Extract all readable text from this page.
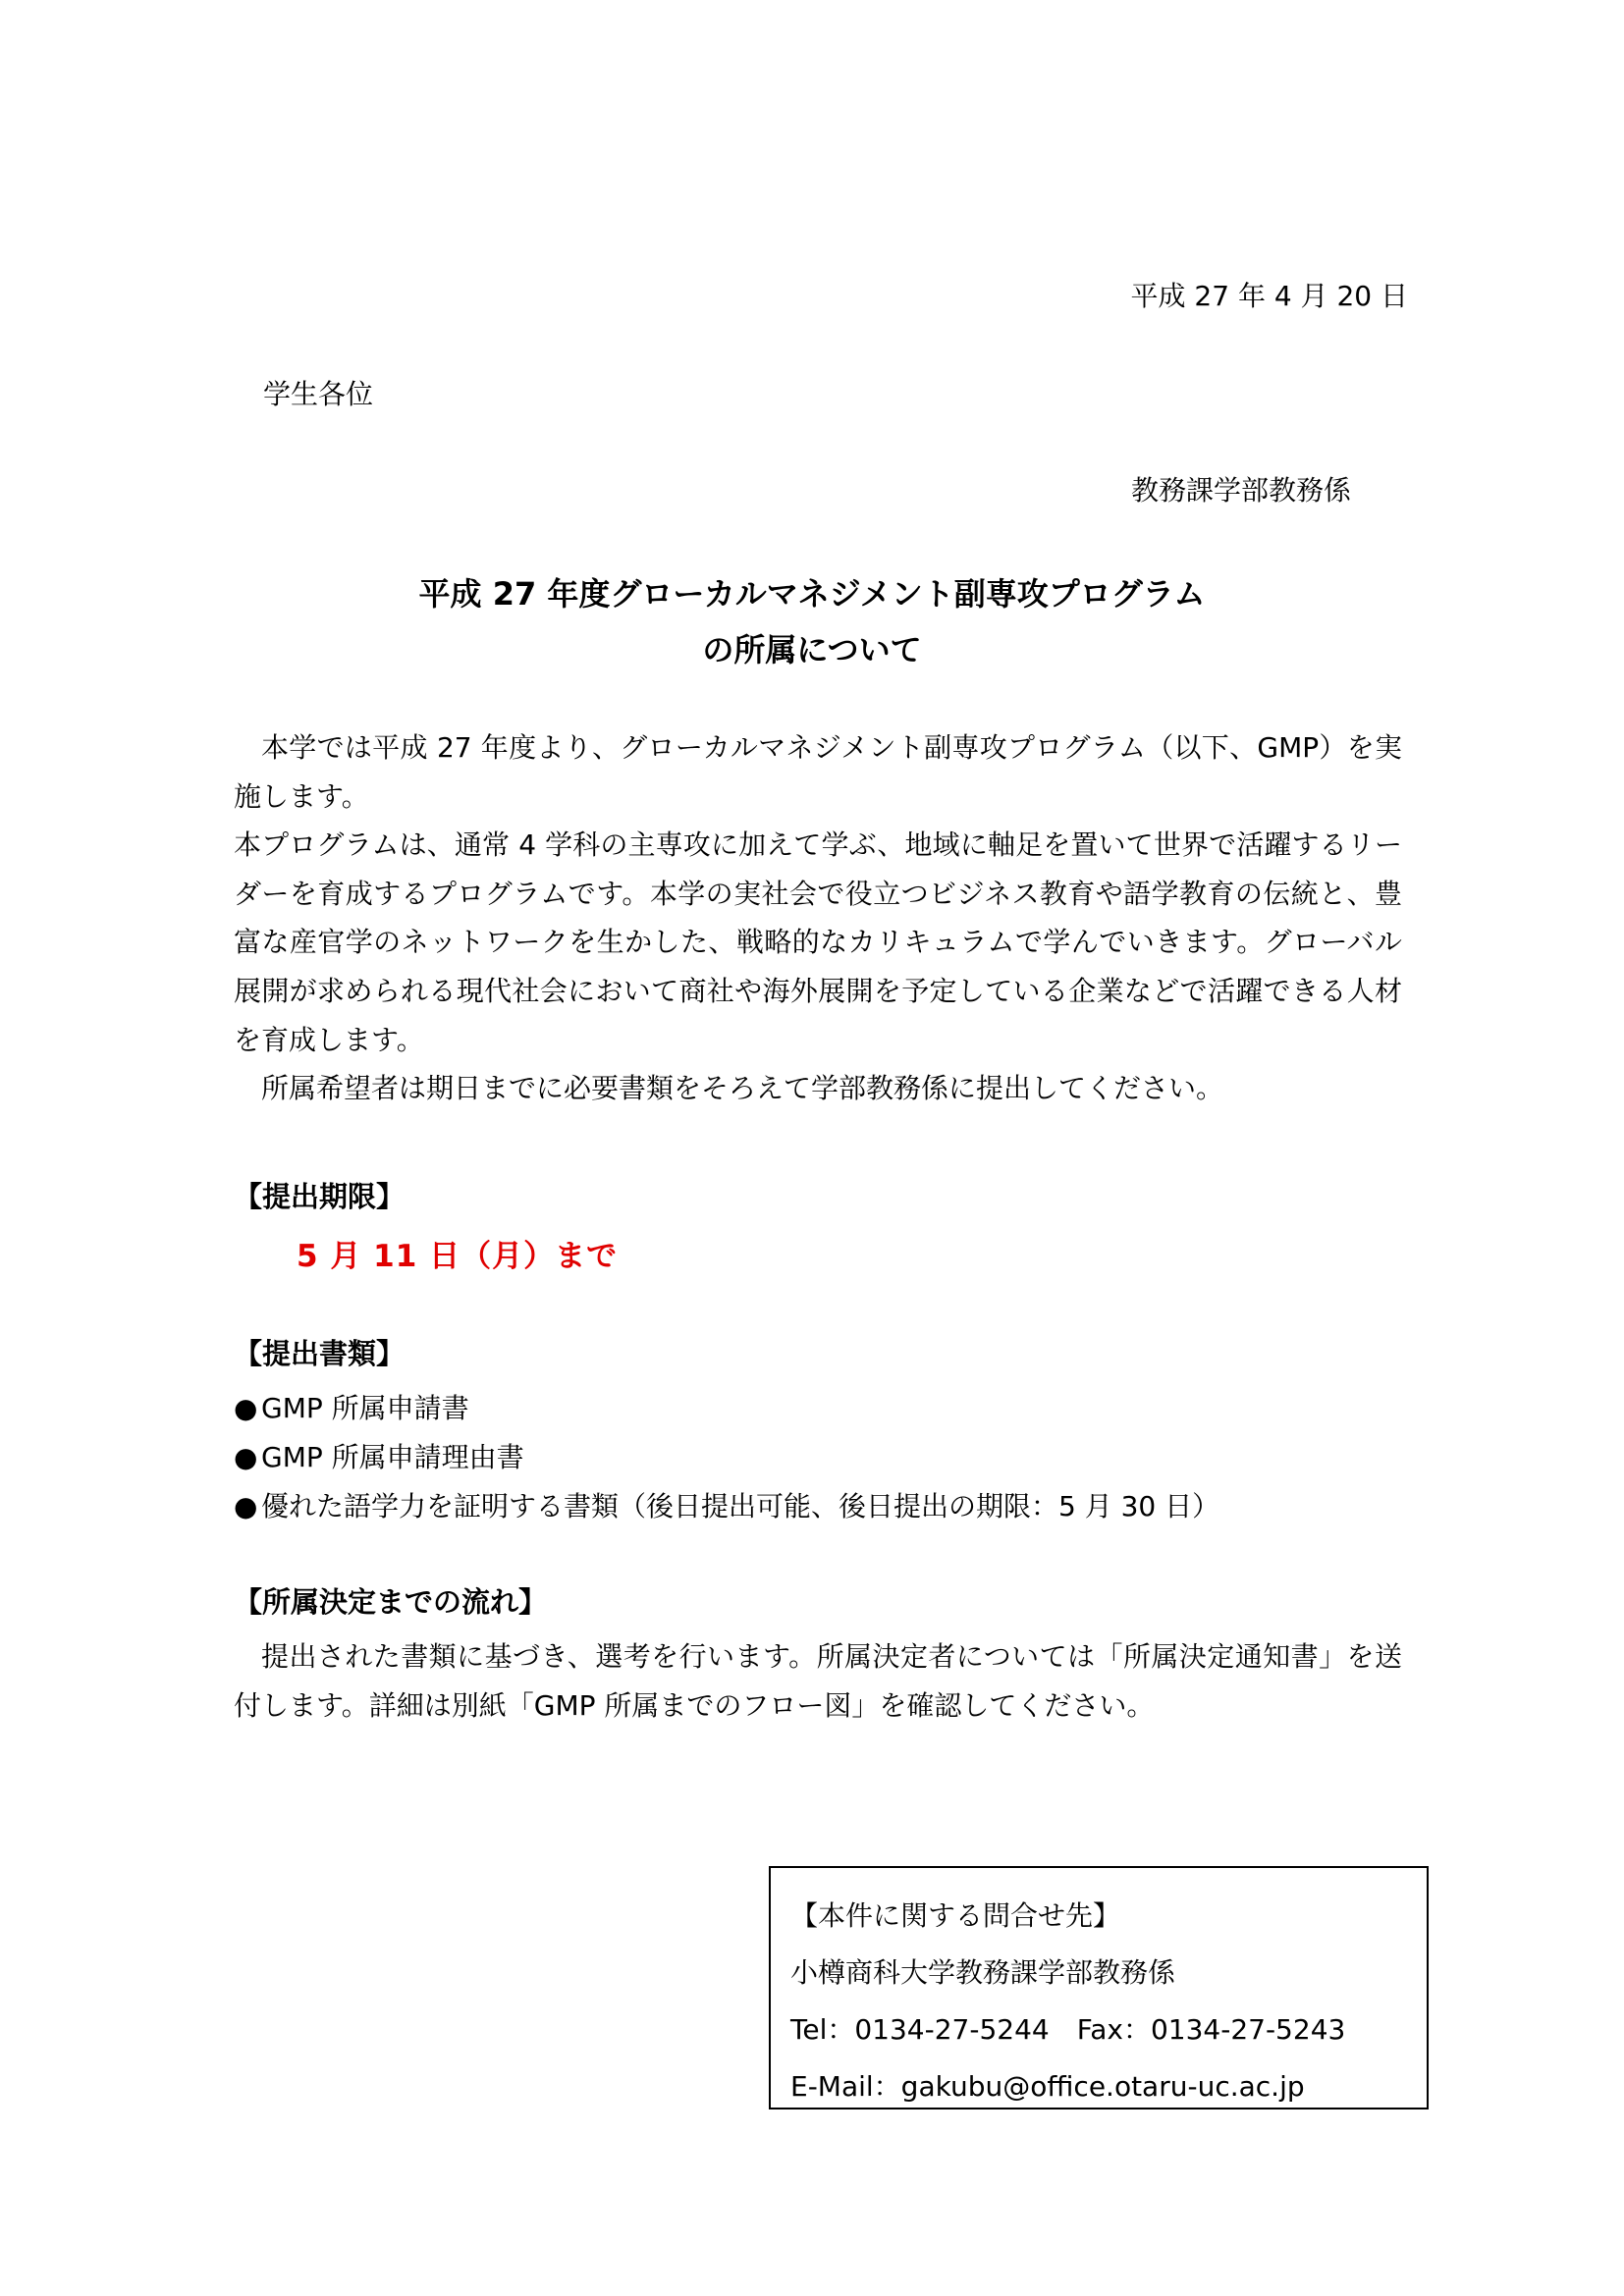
平成 27 年 4 月 20 日
学生各位
教務課学部教務係
平成 27 年度グローカルマネジメント副専攻プログラム
の所属について

本学では平成 27 年度より、グローカルマネジメント副専攻プログラム（以下、GMP）を実施します。

本プログラムは、通常 4 学科の主専攻に加えて学ぶ、地域に軸足を置いて世界で活躍するリーダーを育成するプログラムです。本学の実社会で役立つビジネス教育や語学教育の伝統と、豊富な産官学のネットワークを生かした、戦略的なカリキュラムで学んでいきます。グローバル展開が求められる現代社会において商社や海外展開を予定している企業などで活躍できる人材を育成します。

所属希望者は期日までに必要書類をそろえて学部教務係に提出してください。

【提出期限】
5 月 11 日（月）まで
【提出書類】
● GMP 所属申請書
● GMP 所属申請理由書
● 優れた語学力を証明する書類（後日提出可能、後日提出の期限：5 月 30 日）
【所属決定までの流れ】
提出された書類に基づき、選考を行います。所属決定者については「所属決定通知書」を送付します。詳細は別紙「GMP 所属までのフロー図」を確認してください。
【本件に関する問合せ先】
小樽商科大学教務課学部教務係
Tel：0134-27-5244　Fax：0134-27-5243
E-Mail：gakubu@office.otaru-uc.ac.jp
